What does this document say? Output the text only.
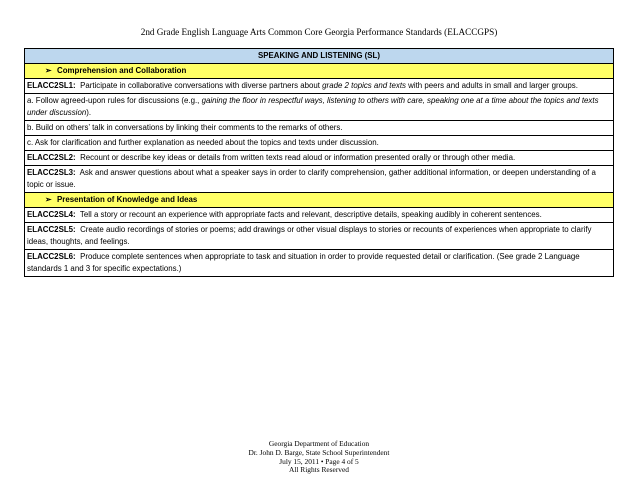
2nd Grade English Language Arts Common Core Georgia Performance Standards (ELACCGPS)
SPEAKING AND LISTENING (SL)
➢ Comprehension and Collaboration
ELACC2SL1: Participate in collaborative conversations with diverse partners about grade 2 topics and texts with peers and adults in small and larger groups.
a. Follow agreed-upon rules for discussions (e.g., gaining the floor in respectful ways, listening to others with care, speaking one at a time about the topics and texts under discussion).
b. Build on others’ talk in conversations by linking their comments to the remarks of others.
c. Ask for clarification and further explanation as needed about the topics and texts under discussion.
ELACC2SL2: Recount or describe key ideas or details from written texts read aloud or information presented orally or through other media.
ELACC2SL3: Ask and answer questions about what a speaker says in order to clarify comprehension, gather additional information, or deepen understanding of a topic or issue.
➢ Presentation of Knowledge and Ideas
ELACC2SL4: Tell a story or recount an experience with appropriate facts and relevant, descriptive details, speaking audibly in coherent sentences.
ELACC2SL5: Create audio recordings of stories or poems; add drawings or other visual displays to stories or recounts of experiences when appropriate to clarify ideas, thoughts, and feelings.
ELACC2SL6: Produce complete sentences when appropriate to task and situation in order to provide requested detail or clarification. (See grade 2 Language standards 1 and 3 for specific expectations.)
Georgia Department of Education
Dr. John D. Barge, State School Superintendent
July 15, 2011 • Page 4 of 5
All Rights Reserved
